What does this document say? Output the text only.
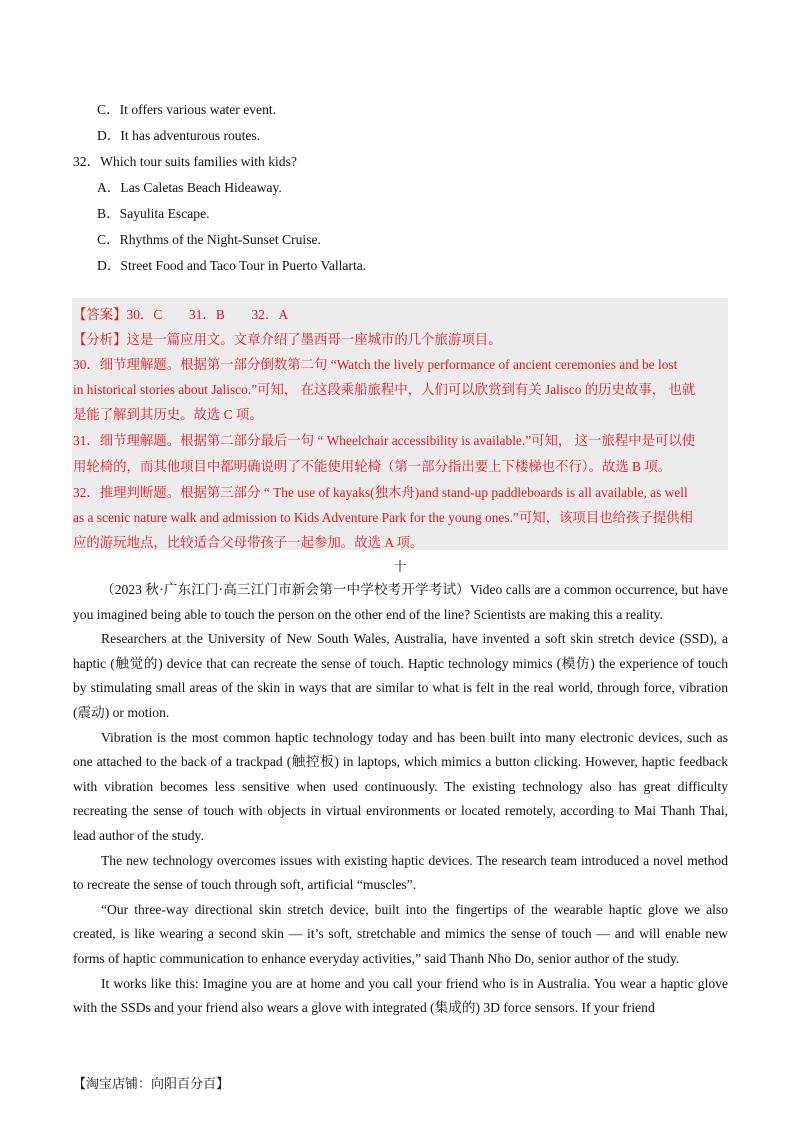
C．It offers various water event.
D．It has adventurous routes.
32．Which tour suits families with kids?
A．Las Caletas Beach Hideaway.
B．Sayulita Escape.
C．Rhythms of the Night-Sunset Cruise.
D．Street Food and Taco Tour in Puerto Vallarta.
【答案】30．C　　31．B　　32．A
【分析】这是一篇应用文。文章介绍了墨西哥一座城市的几个旅游项目。
30．细节理解题。根据第一部分倒数第二句 “Watch the lively performance of ancient ceremonies and be lost
in historical stories about Jalisco.”可知， 在这段乘船旅程中，人们可以欣赏到有关 Jalisco 的历史故事， 也就
是能了解到其历史。故选 C 项。
31．细节理解题。根据第二部分最后一句 “ Wheelchair accessibility is available.”可知， 这一旅程中是可以使
用轮椅的，而其他项目中都明确说明了不能使用轮椅（第一部分指出要上下楼梯也不行）。故选 B 项。
32．推理判断题。根据第三部分 “ The use of kayaks(独木舟)and stand-up paddleboards is all available, as well
as a scenic nature walk and admission to Kids Adventure Park for the young ones.”可知，该项目也给孩子提供相
应的游玩地点，比较适合父母带孩子一起参加。故选 A 项。
十

（2023 秋·广东江门·高三江门市新会第一中学校考开学考试）Video calls are a common occurrence, but have you imagined being able to touch the person on the other end of the line? Scientists are making this a reality.

Researchers at the University of New South Wales, Australia, have invented a soft skin stretch device (SSD), a haptic (触觉的) device that can recreate the sense of touch. Haptic technology mimics (模仿) the experience of touch by stimulating small areas of the skin in ways that are similar to what is felt in the real world, through force, vibration (震动) or motion.

Vibration is the most common haptic technology today and has been built into many electronic devices, such as one attached to the back of a trackpad (触控板) in laptops, which mimics a button clicking. However, haptic feedback with vibration becomes less sensitive when used continuously. The existing technology also has great difficulty recreating the sense of touch with objects in virtual environments or located remotely, according to Mai Thanh Thai, lead author of the study.

The new technology overcomes issues with existing haptic devices. The research team introduced a novel method to recreate the sense of touch through soft, artificial “muscles”.

“Our three-way directional skin stretch device, built into the fingertips of the wearable haptic glove we also created, is like wearing a second skin — it’s soft, stretchable and mimics the sense of touch — and will enable new forms of haptic communication to enhance everyday activities,” said Thanh Nho Do, senior author of the study.

It works like this: Imagine you are at home and you call your friend who is in Australia. You wear a haptic glove with the SSDs and your friend also wears a glove with integrated (集成的) 3D force sensors. If your friend

【淘宝店铺：向阳百分百】
